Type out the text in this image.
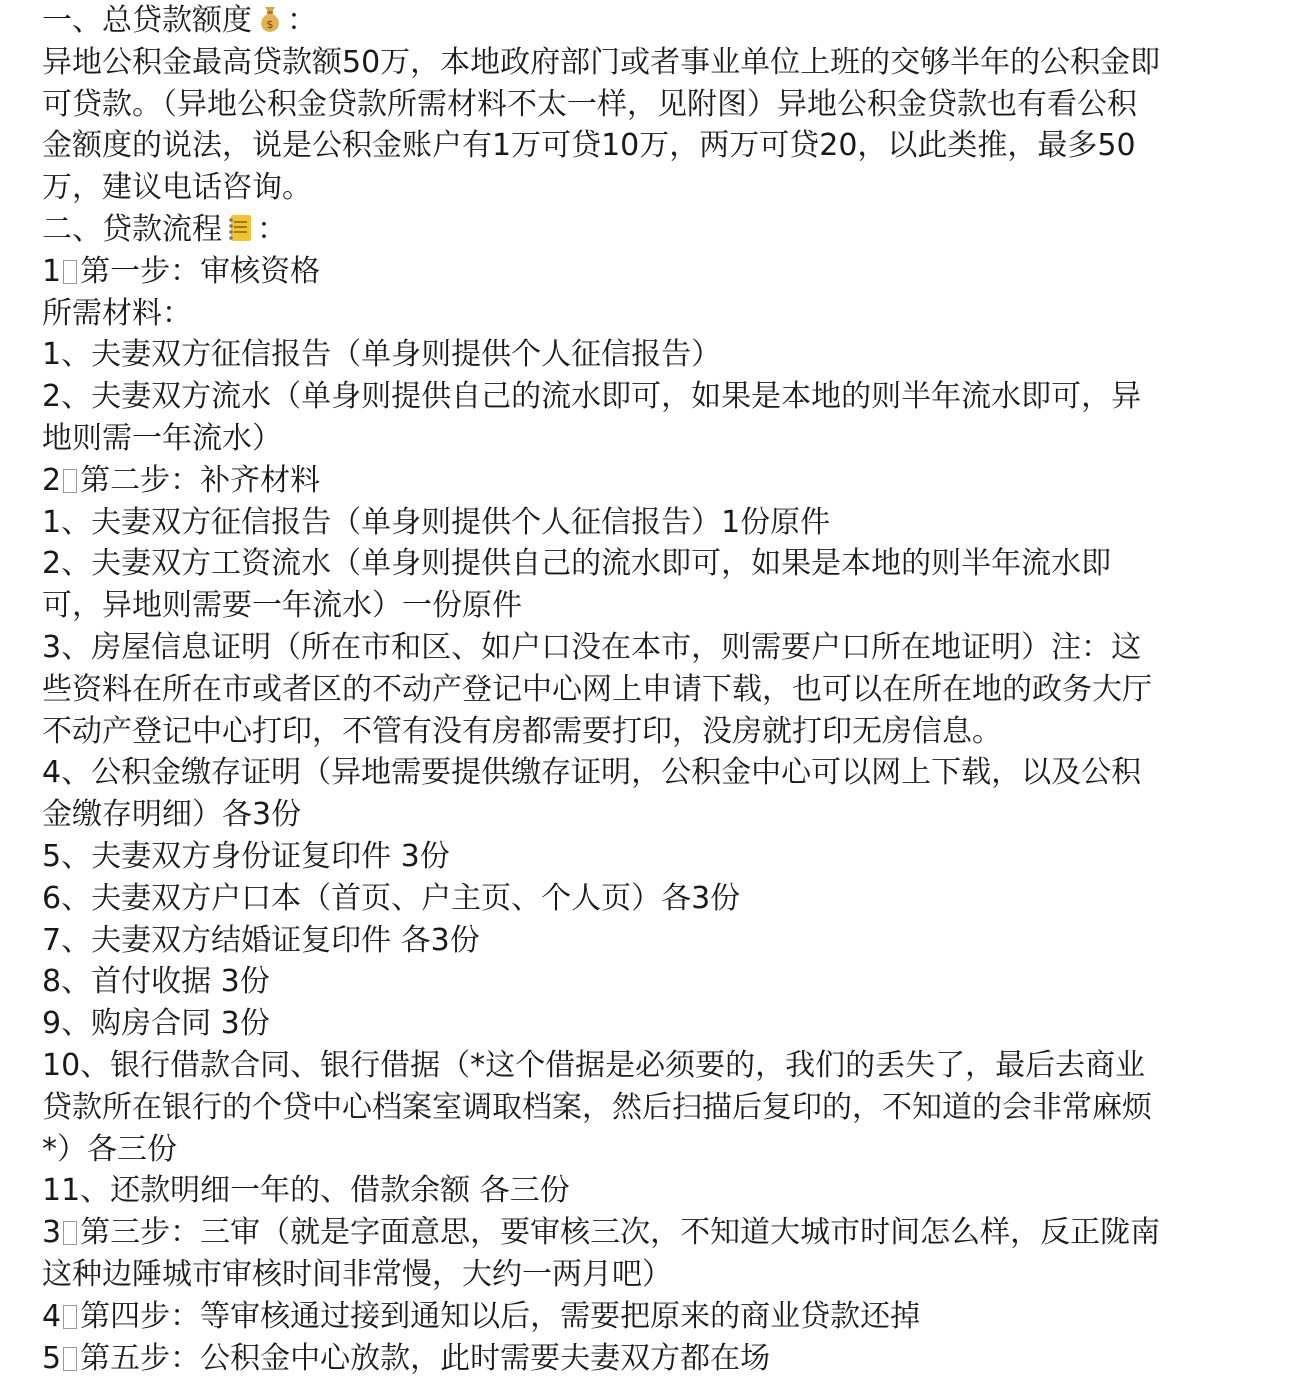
一、总贷款额度 $ ：
异地公积金最高贷款额50万，本地政府部门或者事业单位上班的交够半年的公积金即
可贷款。（异地公积金贷款所需材料不太一样，见附图）异地公积金贷款也有看公积
金额度的说法，说是公积金账户有1万可贷10万，两万可贷20，以此类推，最多50
万，建议电话咨询。
二、贷款流程 ：
1 第一步：审核资格
所需材料：
1、夫妻双方征信报告（单身则提供个人征信报告）
2、夫妻双方流水（单身则提供自己的流水即可，如果是本地的则半年流水即可，异
地则需一年流水）
2 第二步：补齐材料
1、夫妻双方征信报告（单身则提供个人征信报告）1份原件
2、夫妻双方工资流水（单身则提供自己的流水即可，如果是本地的则半年流水即
可，异地则需要一年流水）一份原件
3、房屋信息证明（所在市和区、如户口没在本市，则需要户口所在地证明）注：这
些资料在所在市或者区的不动产登记中心网上申请下载，也可以在所在地的政务大厅
不动产登记中心打印，不管有没有房都需要打印，没房就打印无房信息。
4、公积金缴存证明（异地需要提供缴存证明，公积金中心可以网上下载，以及公积
金缴存明细）各3份
5、夫妻双方身份证复印件 3份
6、夫妻双方户口本（首页、户主页、个人页）各3份
7、夫妻双方结婚证复印件 各3份
8、首付收据 3份
9、购房合同 3份
10、银行借款合同、银行借据（*这个借据是必须要的，我们的丢失了，最后去商业
贷款所在银行的个贷中心档案室调取档案，然后扫描后复印的，不知道的会非常麻烦
*）各三份
11、还款明细一年的、借款余额 各三份
3 第三步：三审（就是字面意思，要审核三次，不知道大城市时间怎么样，反正陇南
这种边陲城市审核时间非常慢，大约一两月吧）
4 第四步：等审核通过接到通知以后，需要把原来的商业贷款还掉
5 第五步：公积金中心放款，此时需要夫妻双方都在场
